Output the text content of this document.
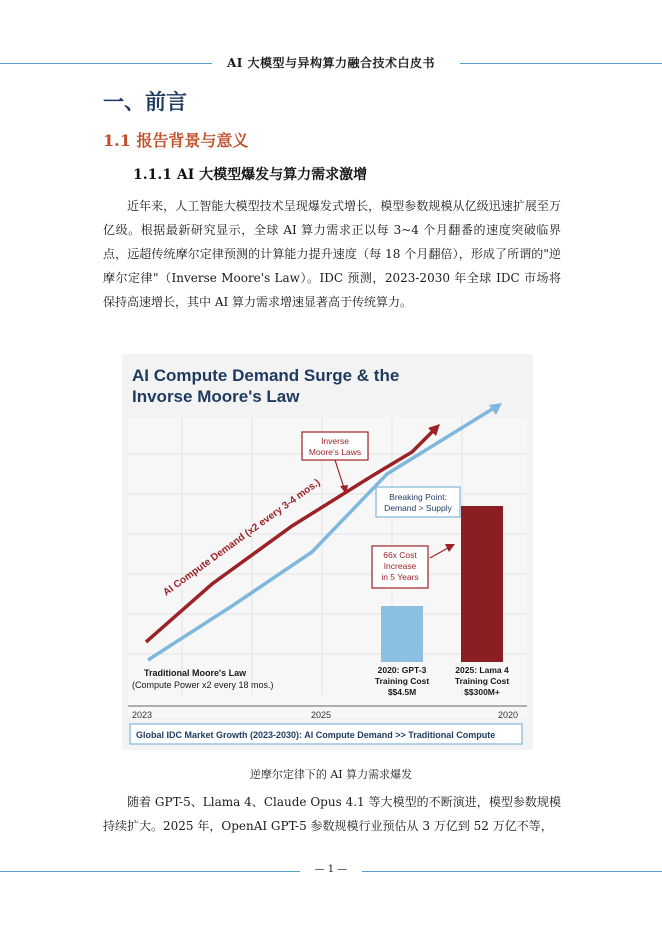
AI 大模型与异构算力融合技术白皮书
一、前言
1.1 报告背景与意义
1.1.1 AI 大模型爆发与算力需求激增

近年来，人工智能大模型技术呈现爆发式增长，模型参数规模从亿级迅速扩展至万亿级。根据最新研究显示，全球 AI 算力需求正以每 3~4 个月翻番的速度突破临界点，远超传统摩尔定律预测的计算能力提升速度（每 18 个月翻倍），形成了所谓的"逆摩尔定律"（Inverse Moore's Law）。IDC 预测，2023-2030 年全球 IDC 市场将保持高速增长，其中 AI 算力需求增速显著高于传统算力。

AI Compute Demand Surge & the
Invorse Moore's Law
AI Compute Demand (x2 every 3-4 mos.)
Inverse
Moore's Laws
Breaking Point:
Demand > Supply
66x Cost
Increase
in 5 Years
2020: GPT-3
Training Cost
$$4.5M
2025: Lama 4
Training Cost
$$300M+
Traditional Moore's Law
(Compute Power x2 every 18 mos.)
2023	2025	2020
Global IDC Market Growth (2023-2030): AI Compute Demand >> Traditional Compute
逆摩尔定律下的 AI 算力需求爆发

随着 GPT-5、Llama 4、Claude Opus 4.1 等大模型的不断演进，模型参数规模持续扩大。2025 年，OpenAI GPT-5 参数规模行业预估从 3 万亿到 52 万亿不等，

— 1 —
